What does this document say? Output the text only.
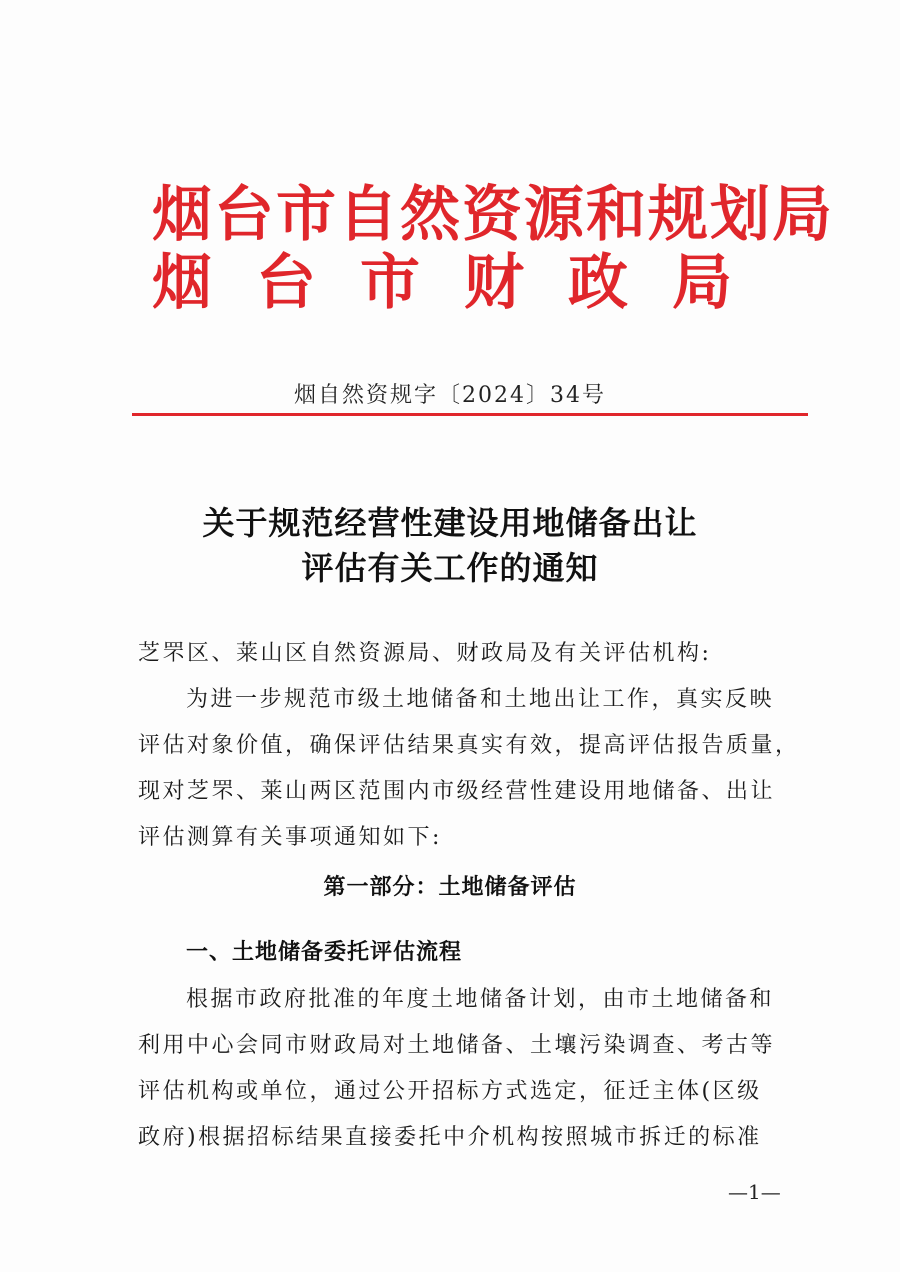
烟台市自然资源和规划局
烟台市财政局
烟自然资规字〔2024〕34号
关于规范经营性建设用地储备出让
评估有关工作的通知
芝罘区、莱山区自然资源局、财政局及有关评估机构:
为进一步规范市级土地储备和土地出让工作，真实反映
评估对象价值，确保评估结果真实有效，提高评估报告质量，
现对芝罘、莱山两区范围内市级经营性建设用地储备、出让
评估测算有关事项通知如下:
第一部分：土地储备评估
一、土地储备委托评估流程
根据市政府批准的年度土地储备计划，由市土地储备和
利用中心会同市财政局对土地储备、土壤污染调查、考古等
评估机构或单位，通过公开招标方式选定，征迁主体(区级
政府)根据招标结果直接委托中介机构按照城市拆迁的标准
—1—
